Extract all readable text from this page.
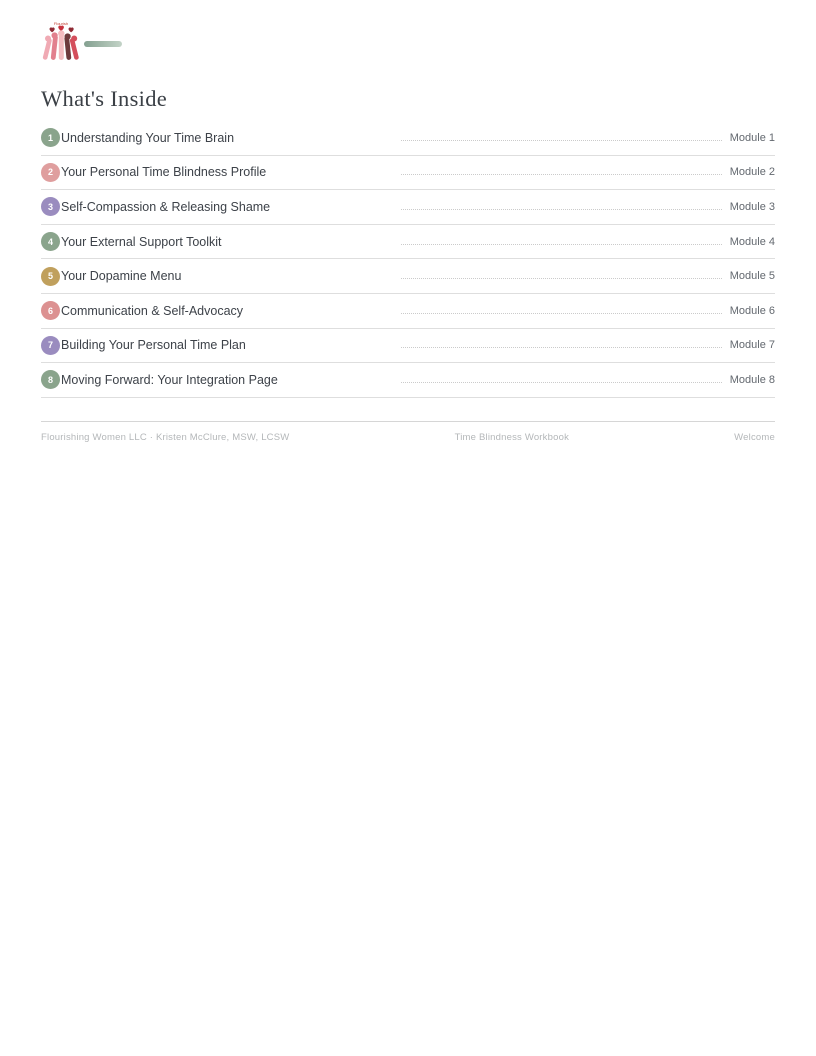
Flourish
What's Inside
1 Understanding Your Time Brain	Module 1
2 Your Personal Time Blindness Profile	Module 2
3 Self-Compassion & Releasing Shame	Module 3
4 Your External Support Toolkit	Module 4
5 Your Dopamine Menu	Module 5
6 Communication & Self-Advocacy	Module 6
7 Building Your Personal Time Plan	Module 7
8 Moving Forward: Your Integration Page	Module 8
Flourishing Women LLC · Kristen McClure, MSW, LCSW	Time Blindness Workbook	Welcome
